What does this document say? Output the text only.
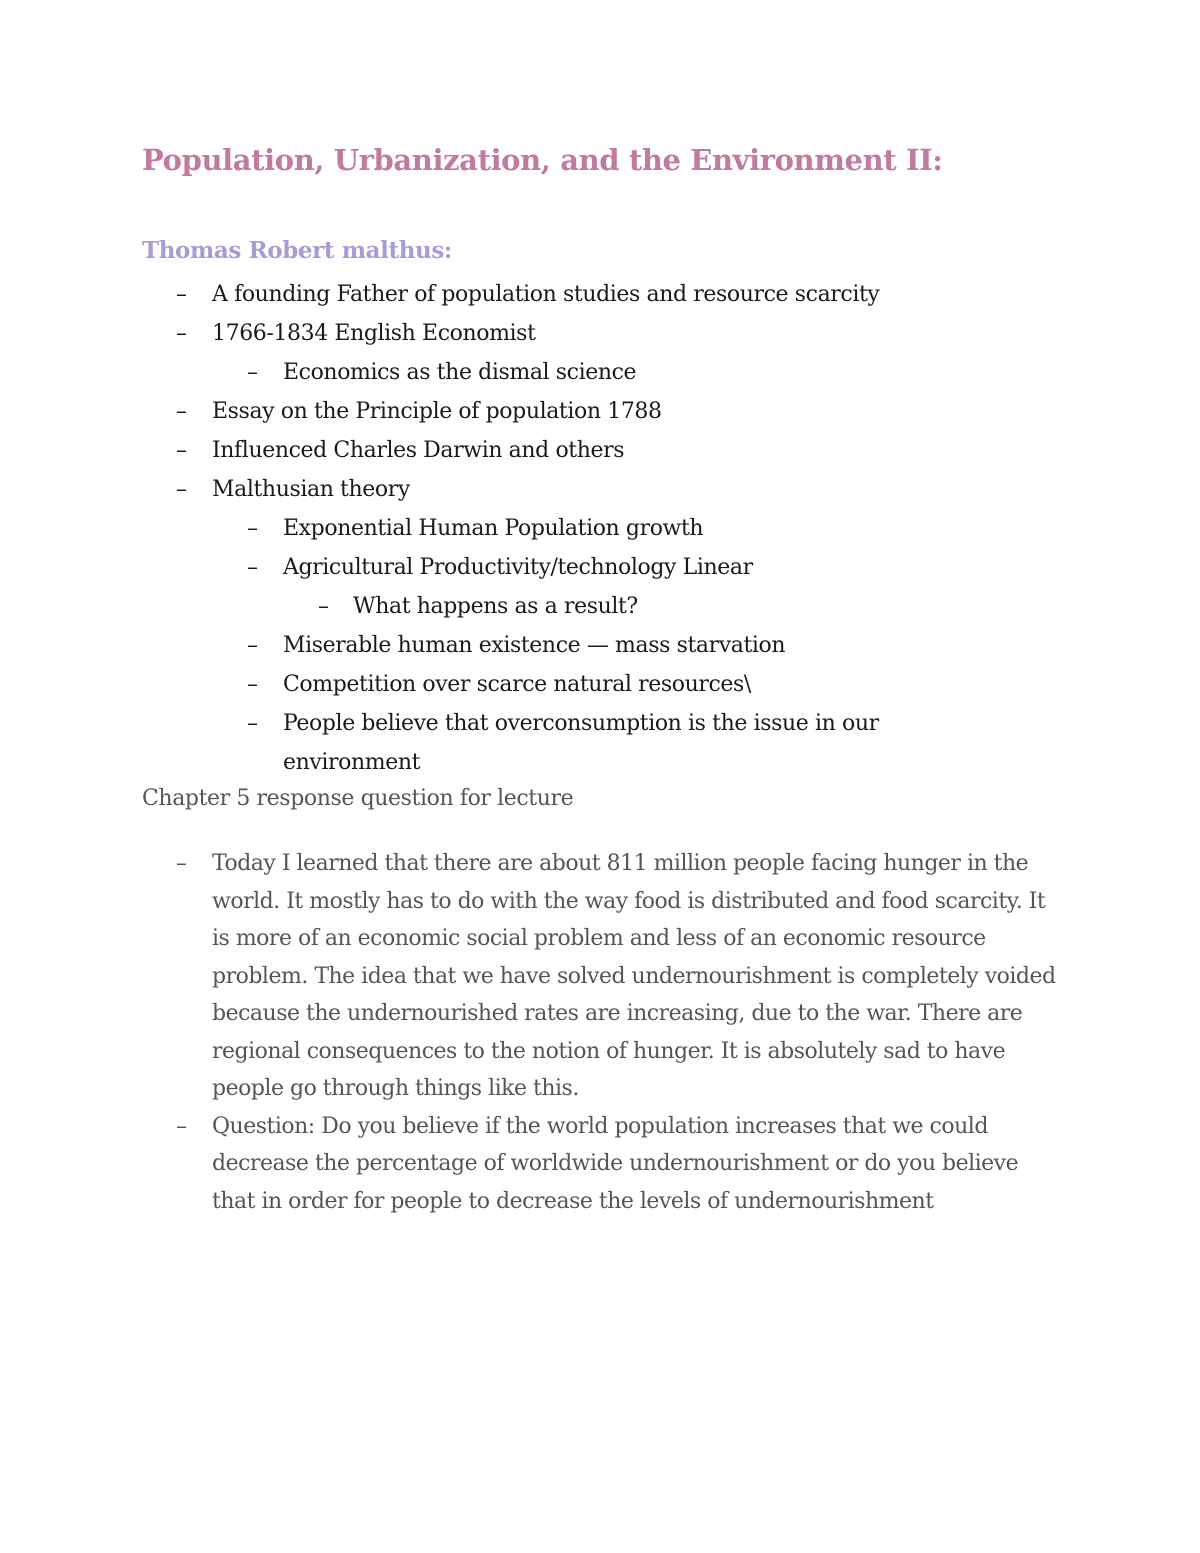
Population, Urbanization, and the Environment II:
Thomas Robert malthus:
–	A founding Father of population studies and resource scarcity
–	1766-1834 English Economist
–	Economics as the dismal science
–	Essay on the Principle of population 1788
–	Influenced Charles Darwin and others
–	Malthusian theory
–	Exponential Human Population growth
–	Agricultural Productivity/technology Linear
–	What happens as a result?
–	Miserable human existence — mass starvation
–	Competition over scarce natural resources\
–	People believe that overconsumption is the issue in our environment

Chapter 5 response question for lecture

– Today I learned that there are about 811 million people facing hunger in the world. It mostly has to do with the way food is distributed and food scarcity. It is more of an economic social problem and less of an economic resource problem. The idea that we have solved undernourishment is completely voided because the undernourished rates are increasing, due to the war. There are regional consequences to the notion of hunger. It is absolutely sad to have people go through things like this.
– Question: Do you believe if the world population increases that we could decrease the percentage of worldwide undernourishment or do you believe that in order for people to decrease the levels of undernourishment
